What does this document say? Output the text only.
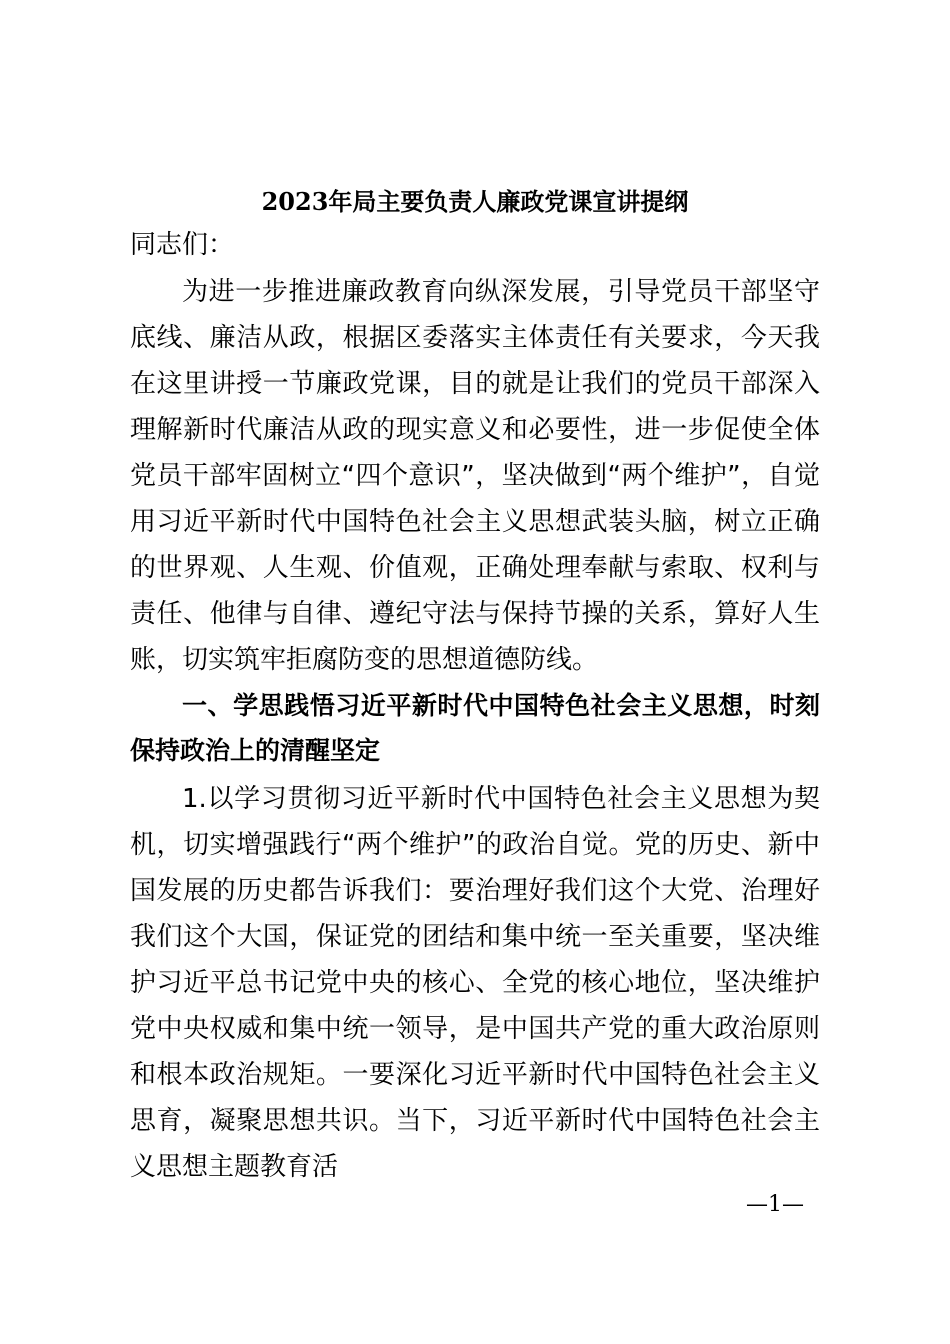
2023年局主要负责人廉政党课宣讲提纲

同志们：

为进一步推进廉政教育向纵深发展，引导党员干部坚守底线、廉洁从政，根据区委落实主体责任有关要求，今天我在这里讲授一节廉政党课，目的就是让我们的党员干部深入理解新时代廉洁从政的现实意义和必要性，进一步促使全体党员干部牢固树立“四个意识”，坚决做到“两个维护”，自觉用习近平新时代中国特色社会主义思想武装头脑，树立正确的世界观、人生观、价值观，正确处理奉献与索取、权利与责任、他律与自律、遵纪守法与保持节操的关系，算好人生账，切实筑牢拒腐防变的思想道德防线。

一、学思践悟习近平新时代中国特色社会主义思想，时刻保持政治上的清醒坚定

1.以学习贯彻习近平新时代中国特色社会主义思想为契机，切实增强践行“两个维护”的政治自觉。党的历史、新中国发展的历史都告诉我们：要治理好我们这个大党、治理好我们这个大国，保证党的团结和集中统一至关重要，坚决维护习近平总书记党中央的核心、全党的核心地位，坚决维护党中央权威和集中统一领导，是中国共产党的重大政治原则和根本政治规矩。一要深化习近平新时代中国特色社会主义思育，凝聚思想共识。当下，习近平新时代中国特色社会主义思想主题教育活

—1—
